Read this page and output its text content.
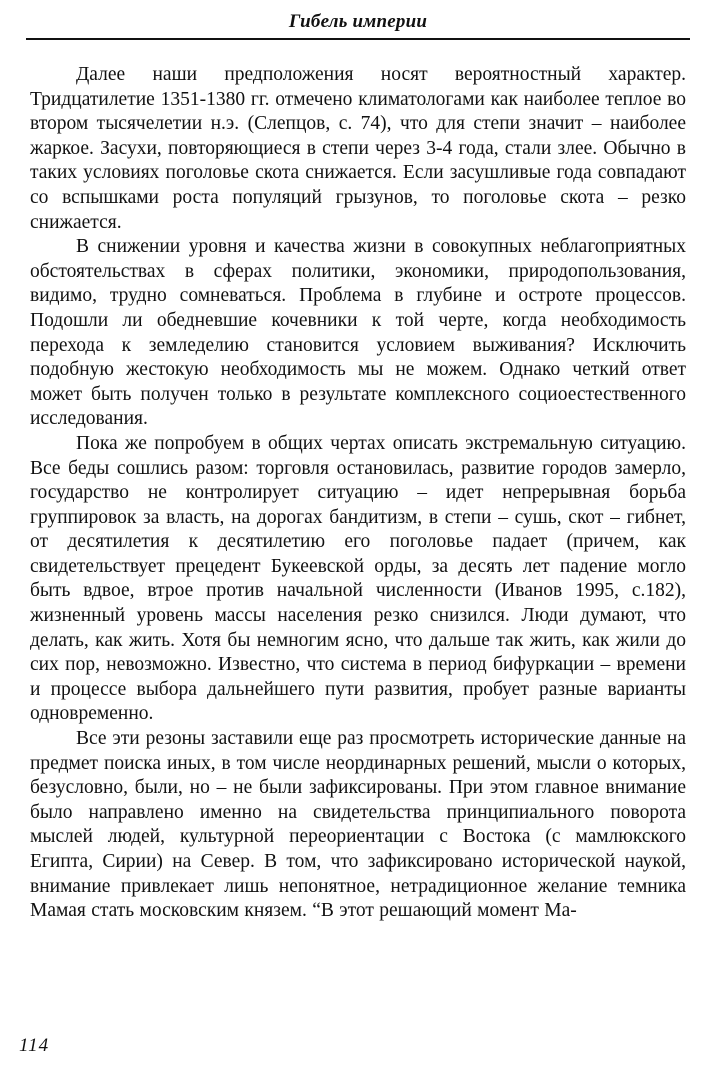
Гибель империи

Далее наши предположения носят вероятностный характер. Тридцатилетие 1351-1380 гг. отмечено климатологами как наиболее теплое во втором тысячелетии н.э. (Слепцов, с. 74), что для степи значит – наиболее жаркое. Засухи, повторяющиеся в степи через 3-4 года, стали злее. Обычно в таких условиях поголовье скота снижается. Если засушливые года совпадают со вспышками роста популяций грызунов, то поголовье скота – резко снижается.

В снижении уровня и качества жизни в совокупных неблагоприятных обстоятельствах в сферах политики, экономики, природопользования, видимо, трудно сомневаться. Проблема в глубине и остроте процессов. Подошли ли обедневшие кочевники к той черте, когда необходимость перехода к земледелию становится условием выживания? Исключить подобную жестокую необходимость мы не можем. Однако четкий ответ может быть получен только в результате комплексного социоестественного исследования.

Пока же попробуем в общих чертах описать экстремальную ситуацию. Все беды сошлись разом: торговля остановилась, развитие городов замерло, государство не контролирует ситуацию – идет непрерывная борьба группировок за власть, на дорогах бандитизм, в степи – сушь, скот – гибнет, от десятилетия к десятилетию его поголовье падает (причем, как свидетельствует прецедент Букеевской орды, за десять лет падение могло быть вдвое, втрое против начальной численности (Иванов 1995, с.182), жизненный уровень массы населения резко снизился. Люди думают, что делать, как жить. Хотя бы немногим ясно, что дальше так жить, как жили до сих пор, невозможно. Известно, что система в период бифуркации – времени и процессе выбора дальнейшего пути развития, пробует разные варианты одновременно.

Все эти резоны заставили еще раз просмотреть исторические данные на предмет поиска иных, в том числе неординарных решений, мысли о которых, безусловно, были, но – не были зафиксированы. При этом главное внимание было направлено именно на свидетельства принципиального поворота мыслей людей, культурной переориентации с Востока (с мамлюкского Египта, Сирии) на Север. В том, что зафиксировано исторической наукой, внимание привлекает лишь непонятное, нетрадиционное желание темника Мамая стать московским князем. “В этот решающий момент Ма-

114
